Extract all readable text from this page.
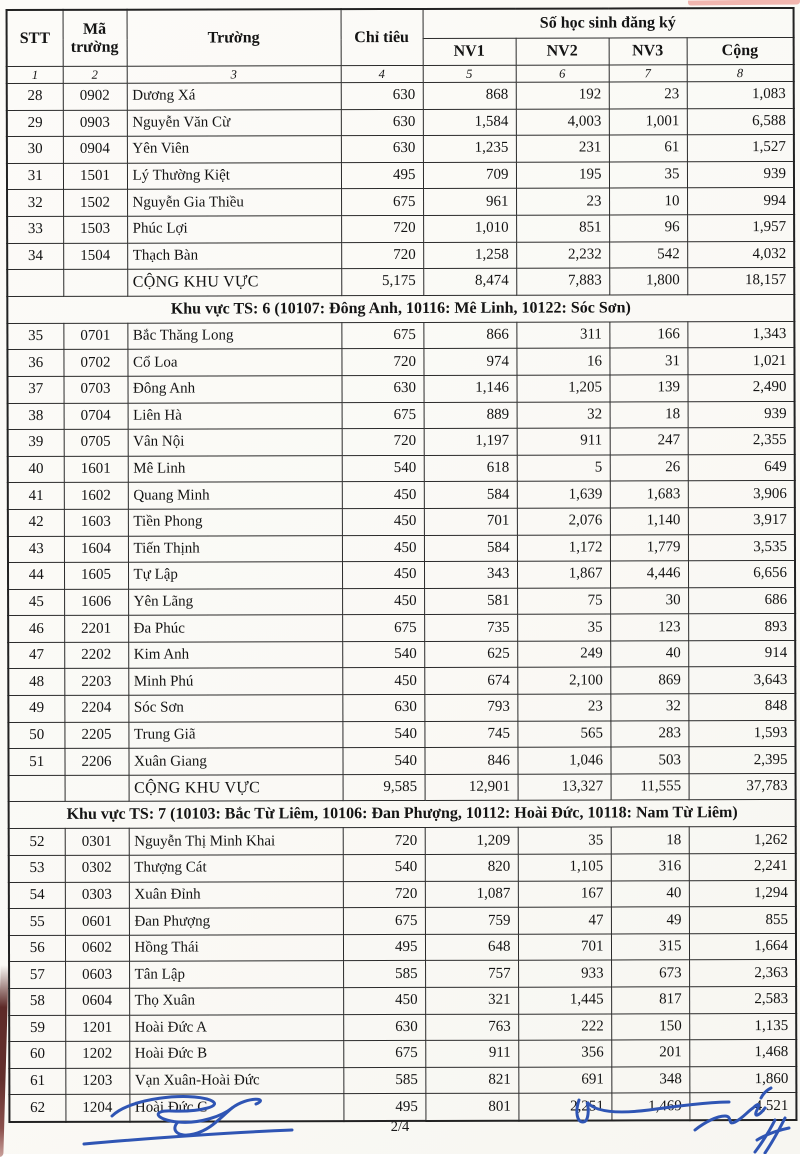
STT	Mã trường	Trường	Chỉ tiêu	Số học sinh đăng ký			
				NV1	NV2	NV3	Cộng
1	2	3	4	5	6	7	8
28	0902	Dương Xá	630	868	192	23	1,083
29	0903	Nguyễn Văn Cừ	630	1,584	4,003	1,001	6,588
30	0904	Yên Viên	630	1,235	231	61	1,527
31	1501	Lý Thường Kiệt	495	709	195	35	939
32	1502	Nguyễn Gia Thiều	675	961	23	10	994
33	1503	Phúc Lợi	720	1,010	851	96	1,957
34	1504	Thạch Bàn	720	1,258	2,232	542	4,032
		CỘNG KHU VỰC	5,175	8,474	7,883	1,800	18,157
Khu vực TS: 6 (10107: Đông Anh, 10116: Mê Linh, 10122: Sóc Sơn)							
35	0701	Bắc Thăng Long	675	866	311	166	1,343
36	0702	Cổ Loa	720	974	16	31	1,021
37	0703	Đông Anh	630	1,146	1,205	139	2,490
38	0704	Liên Hà	675	889	32	18	939
39	0705	Vân Nội	720	1,197	911	247	2,355
40	1601	Mê Linh	540	618	5	26	649
41	1602	Quang Minh	450	584	1,639	1,683	3,906
42	1603	Tiền Phong	450	701	2,076	1,140	3,917
43	1604	Tiến Thịnh	450	584	1,172	1,779	3,535
44	1605	Tự Lập	450	343	1,867	4,446	6,656
45	1606	Yên Lãng	450	581	75	30	686
46	2201	Đa Phúc	675	735	35	123	893
47	2202	Kim Anh	540	625	249	40	914
48	2203	Minh Phú	450	674	2,100	869	3,643
49	2204	Sóc Sơn	630	793	23	32	848
50	2205	Trung Giã	540	745	565	283	1,593
51	2206	Xuân Giang	540	846	1,046	503	2,395
		CỘNG KHU VỰC	9,585	12,901	13,327	11,555	37,783
Khu vực TS: 7 (10103: Bắc Từ Liêm, 10106: Đan Phượng, 10112: Hoài Đức, 10118: Nam Từ Liêm)							
52	0301	Nguyễn Thị Minh Khai	720	1,209	35	18	1,262
53	0302	Thượng Cát	540	820	1,105	316	2,241
54	0303	Xuân Đỉnh	720	1,087	167	40	1,294
55	0601	Đan Phượng	675	759	47	49	855
56	0602	Hồng Thái	495	648	701	315	1,664
57	0603	Tân Lập	585	757	933	673	2,363
58	0604	Thọ Xuân	450	321	1,445	817	2,583
59	1201	Hoài Đức A	630	763	222	150	1,135
60	1202	Hoài Đức B	675	911	356	201	1,468
61	1203	Vạn Xuân-Hoài Đức	585	821	691	348	1,860
62	1204	Hoài Đức C	495	801	2,251	1,469	4,521
2/4
